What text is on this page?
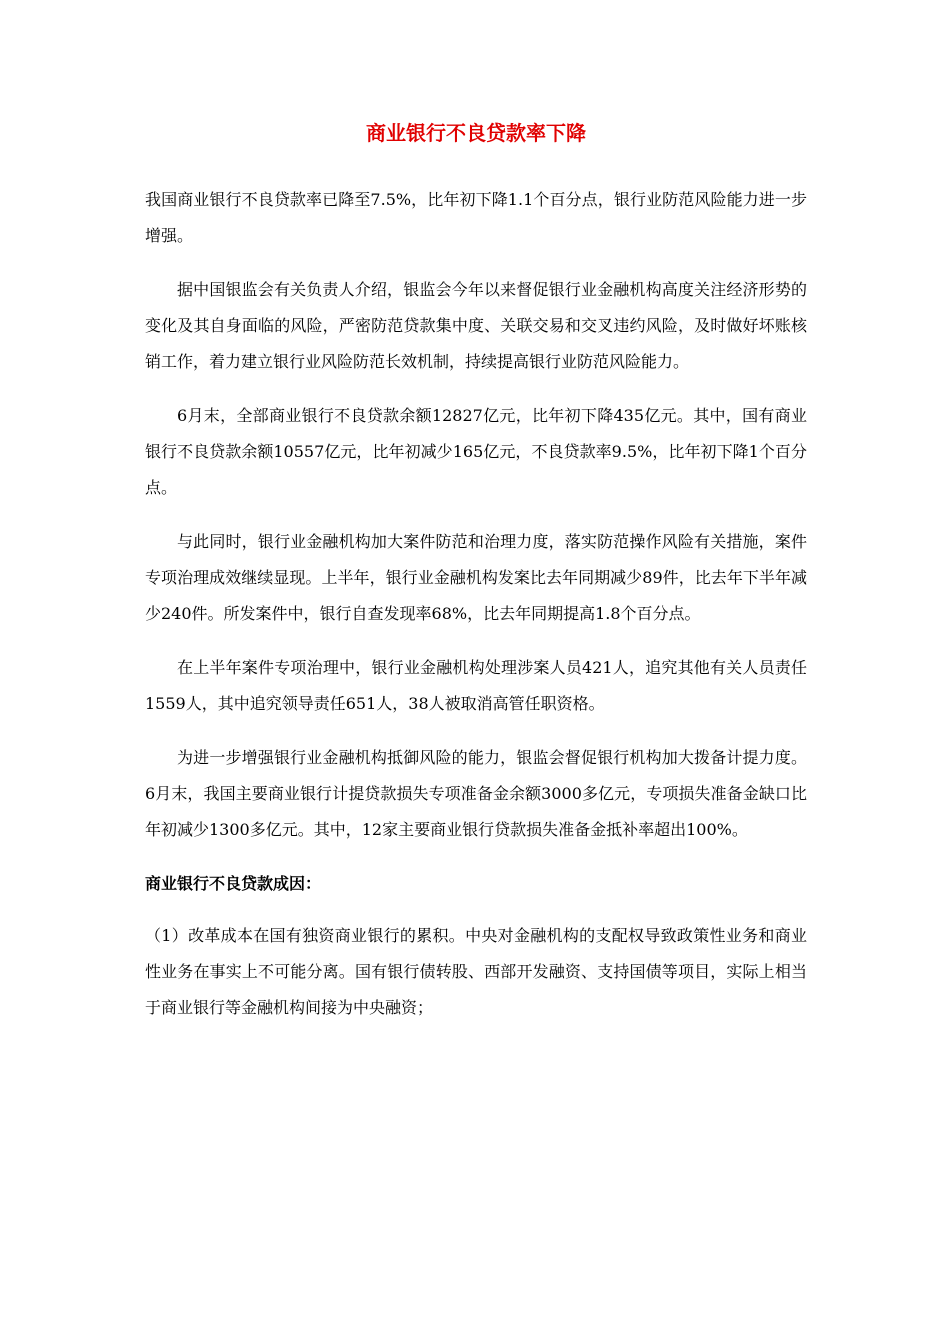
商业银行不良贷款率下降

我国商业银行不良贷款率已降至7.5%，比年初下降1.1个百分点，银行业防范风险能力进一步增强。

据中国银监会有关负责人介绍，银监会今年以来督促银行业金融机构高度关注经济形势的变化及其自身面临的风险，严密防范贷款集中度、关联交易和交叉违约风险，及时做好坏账核销工作，着力建立银行业风险防范长效机制，持续提高银行业防范风险能力。

6月末，全部商业银行不良贷款余额12827亿元，比年初下降435亿元。其中，国有商业银行不良贷款余额10557亿元，比年初减少165亿元，不良贷款率9.5%，比年初下降1个百分点。

与此同时，银行业金融机构加大案件防范和治理力度，落实防范操作风险有关措施，案件专项治理成效继续显现。上半年，银行业金融机构发案比去年同期减少89件，比去年下半年减少240件。所发案件中，银行自查发现率68%，比去年同期提高1.8个百分点。

在上半年案件专项治理中，银行业金融机构处理涉案人员421人，追究其他有关人员责任1559人，其中追究领导责任651人，38人被取消高管任职资格。

为进一步增强银行业金融机构抵御风险的能力，银监会督促银行机构加大拨备计提力度。6月末，我国主要商业银行计提贷款损失专项准备金余额3000多亿元，专项损失准备金缺口比年初减少1300多亿元。其中，12家主要商业银行贷款损失准备金抵补率超出100%。

商业银行不良贷款成因：

（1）改革成本在国有独资商业银行的累积。中央对金融机构的支配权导致政策性业务和商业性业务在事实上不可能分离。国有银行债转股、西部开发融资、支持国债等项目，实际上相当于商业银行等金融机构间接为中央融资；
